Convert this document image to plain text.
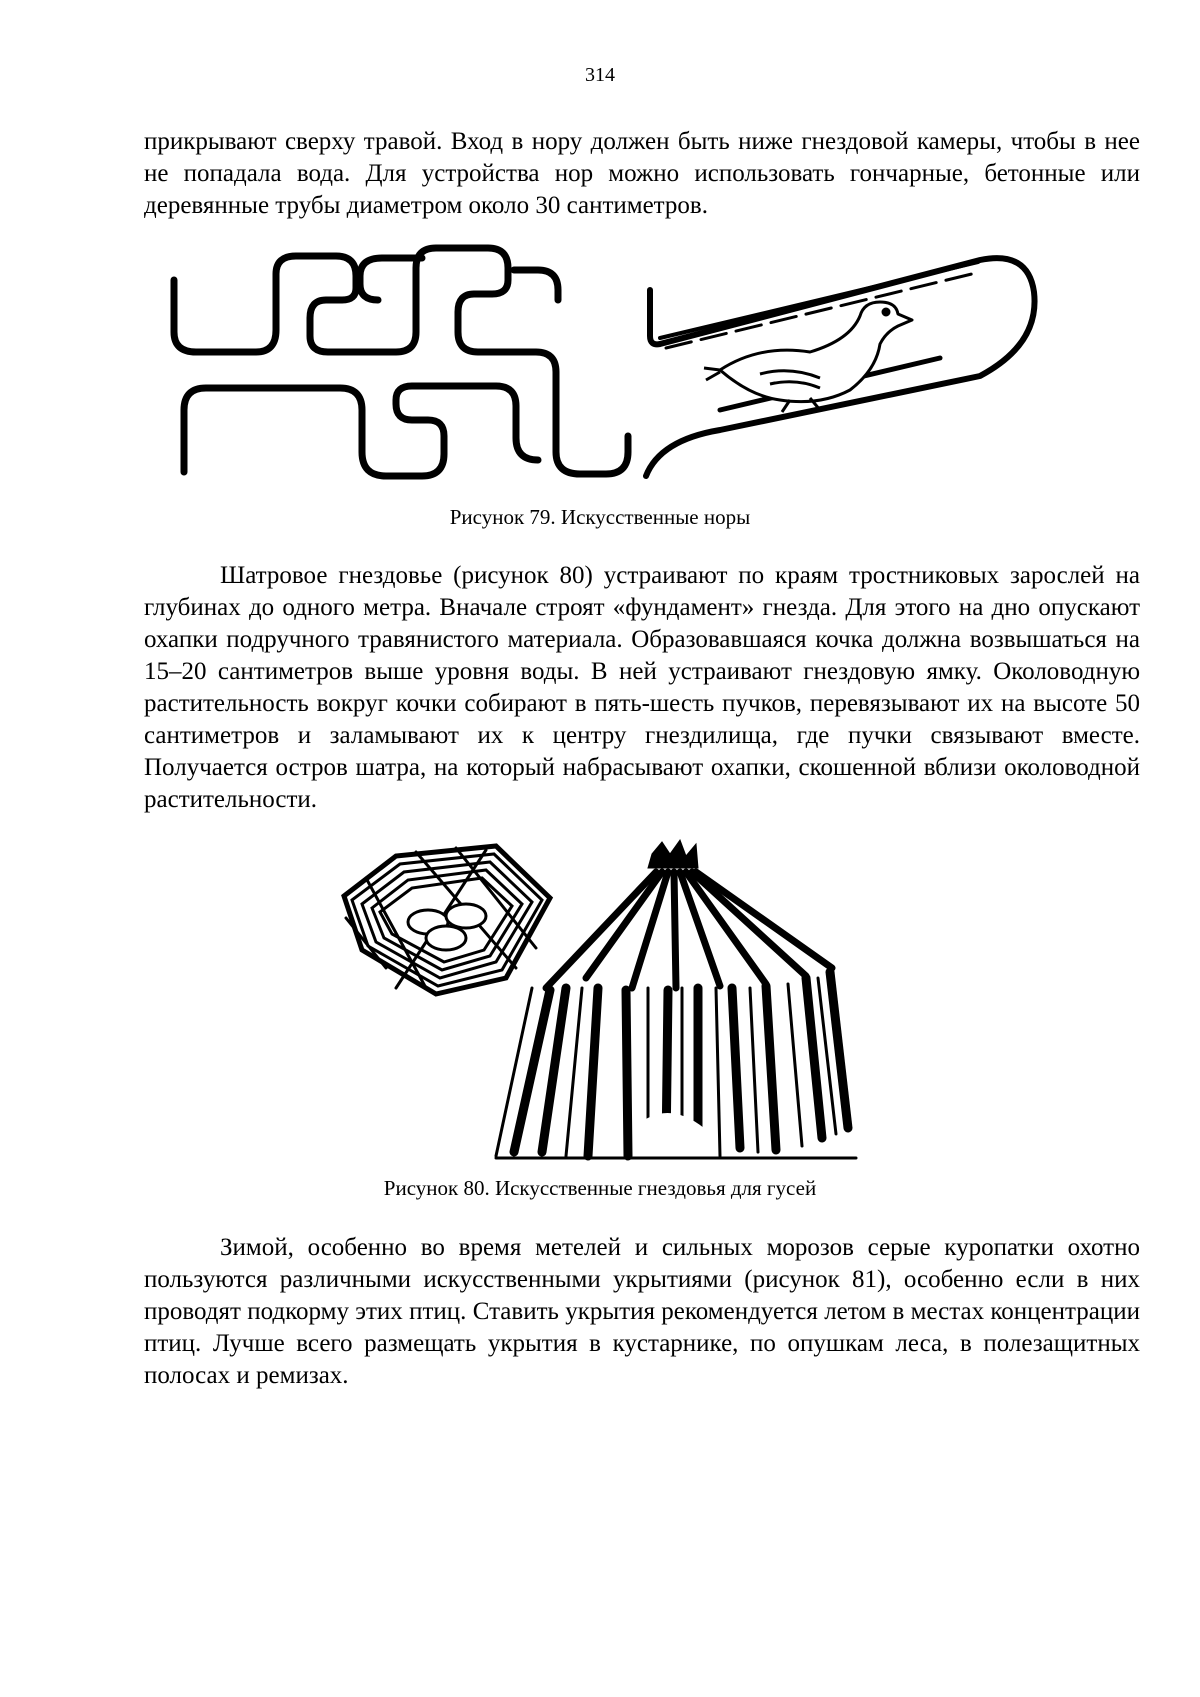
314

прикрывают сверху травой. Вход в нору должен быть ниже гнездовой камеры, чтобы в нее не попадала вода. Для устройства нор можно использовать гончарные, бетонные или деревянные трубы диаметром около 30 сантиметров.

Рисунок 79. Искусственные норы

Шатровое гнездовье (рисунок 80) устраивают по краям тростниковых зарослей на глубинах до одного метра. Вначале строят «фундамент» гнезда. Для этого на дно опускают охапки подручного травянистого материала. Образовавшаяся кочка должна возвышаться на 15–20 сантиметров выше уровня воды. В ней устраивают гнездовую ямку. Околоводную растительность вокруг кочки собирают в пять-шесть пучков, перевязывают их на высоте 50 сантиметров и заламывают их к центру гнездилища, где пучки связывают вместе. Получается остров шатра, на который набрасывают охапки, скошенной вблизи околоводной растительности.

Рисунок 80. Искусственные гнездовья для гусей

Зимой, особенно во время метелей и сильных морозов серые куропатки охотно пользуются различными искусственными укрытиями (рисунок 81), особенно если в них проводят подкорму этих птиц. Ставить укрытия рекомендуется летом в местах концентрации птиц. Лучше всего размещать укрытия в кустарнике, по опушкам леса, в полезащитных полосах и ремизах.
